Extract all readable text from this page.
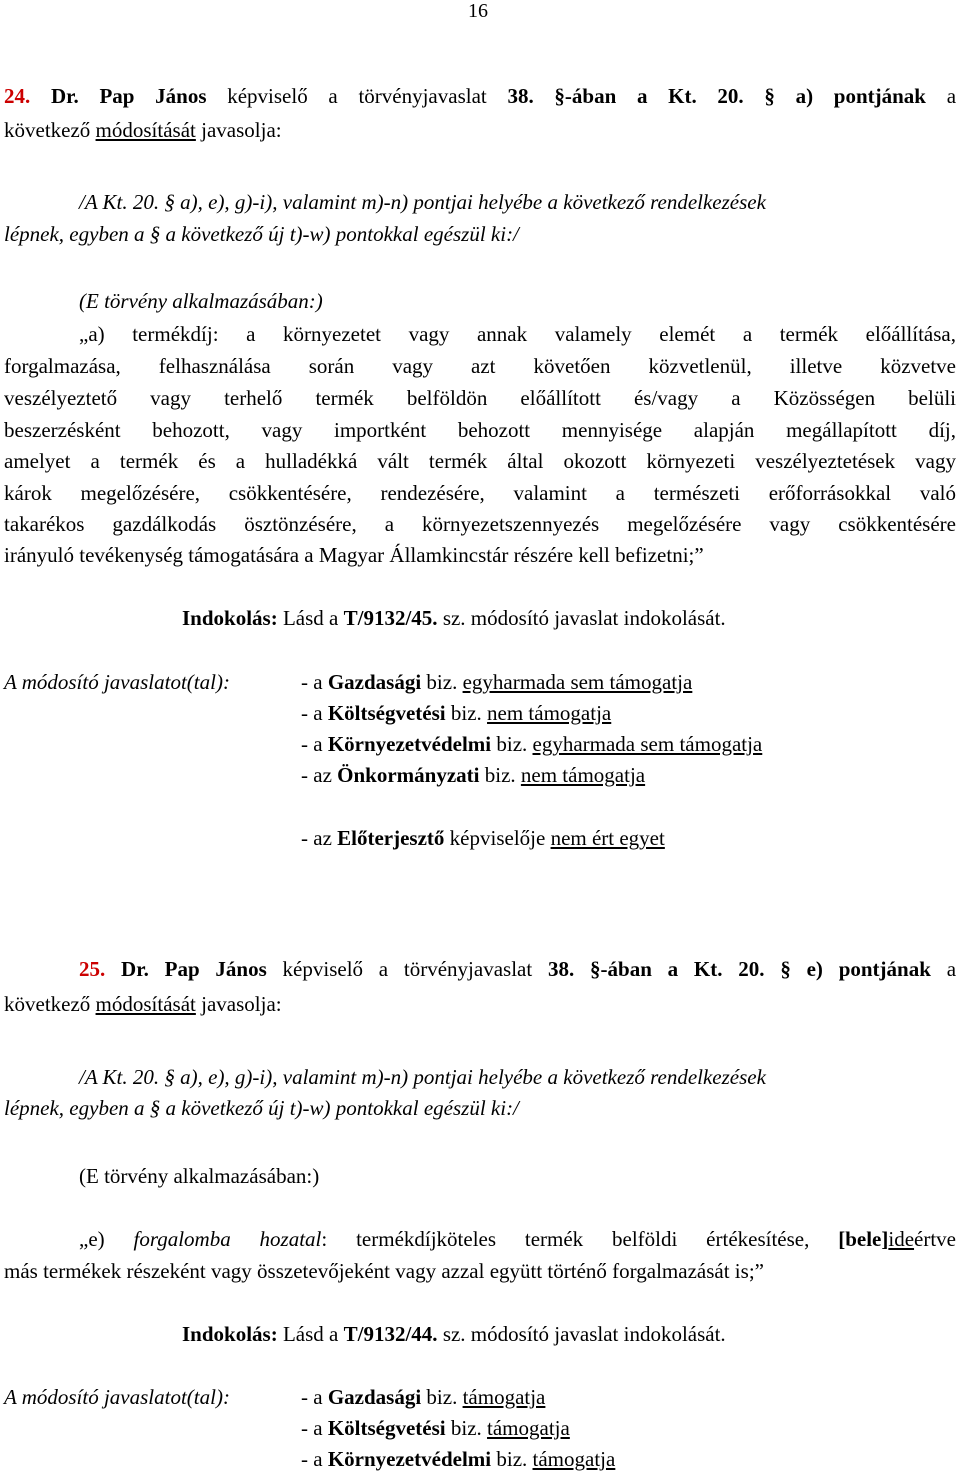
16
24. Dr. Pap János képviselő a törvényjavaslat 38. §-ában a Kt. 20. § a) pontjának a
következő módosítását javasolja:
/A Kt. 20. § a), e), g)-i), valamint m)-n) pontjai helyébe a következő rendelkezések
lépnek, egyben a § a következő új t)-w) pontokkal egészül ki:/
(E törvény alkalmazásában:)
„a) termékdíj: a környezetet vagy annak valamely elemét a termék előállítása,
forgalmazása, felhasználása során vagy azt követően közvetlenül, illetve közvetve
veszélyeztető vagy terhelő termék belföldön előállított és/vagy a Közösségen belüli
beszerzésként behozott, vagy importként behozott mennyisége alapján megállapított díj,
amelyet a termék és a hulladékká vált termék által okozott környezeti veszélyeztetések vagy
károk megelőzésére, csökkentésére, rendezésére, valamint a természeti erőforrásokkal való
takarékos gazdálkodás ösztönzésére, a környezetszennyezés megelőzésére vagy csökkentésére
irányuló tevékenység támogatására a Magyar Államkincstár részére kell befizetni;”
Indokolás: Lásd a T/9132/45. sz. módosító javaslat indokolását.
A módosító javaslatot(tal):	- a Gazdasági biz. egyharmada sem támogatja
- a Költségvetési biz. nem támogatja
- a Környezetvédelmi biz. egyharmada sem támogatja
- az Önkormányzati biz. nem támogatja
- az Előterjesztő képviselője nem ért egyet
25. Dr. Pap János képviselő a törvényjavaslat 38. §-ában a Kt. 20. § e) pontjának a
következő módosítását javasolja:
/A Kt. 20. § a), e), g)-i), valamint m)-n) pontjai helyébe a következő rendelkezések
lépnek, egyben a § a következő új t)-w) pontokkal egészül ki:/
(E törvény alkalmazásában:)
„e) forgalomba hozatal: termékdíjköteles termék belföldi értékesítése, [bele]ideértve
más termékek részeként vagy összetevőjeként vagy azzal együtt történő forgalmazását is;”
Indokolás: Lásd a T/9132/44. sz. módosító javaslat indokolását.
A módosító javaslatot(tal):	- a Gazdasági biz. támogatja
- a Költségvetési biz. támogatja
- a Környezetvédelmi biz. támogatja
